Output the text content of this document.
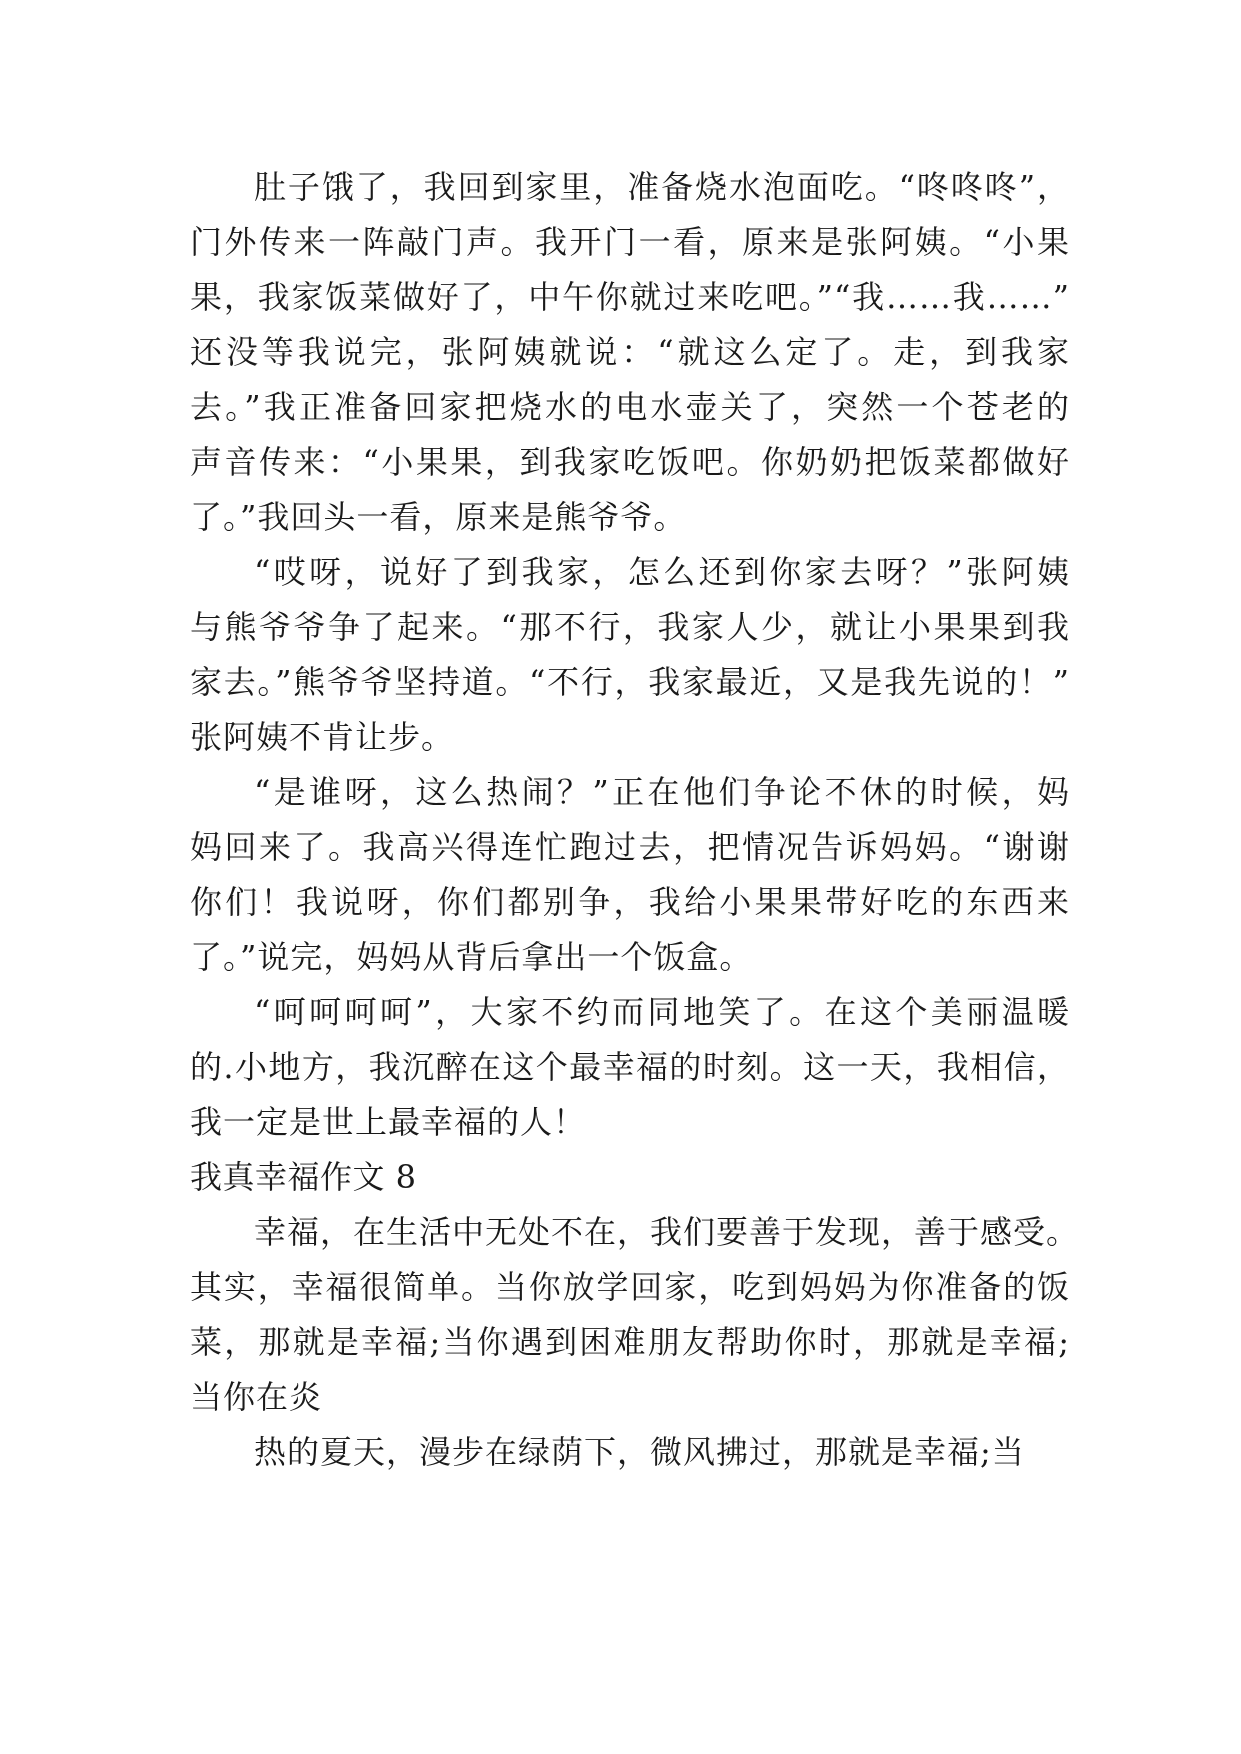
肚子饿了，我回到家里，准备烧水泡面吃。“咚咚咚”，
门外传来一阵敲门声。我开门一看，原来是张阿姨。“小果
果，我家饭菜做好了，中午你就过来吃吧。”“我……我……”
还没等我说完，张阿姨就说：“就这么定了。走，到我家
去。”我正准备回家把烧水的电水壶关了，突然一个苍老的
声音传来：“小果果，到我家吃饭吧。你奶奶把饭菜都做好
了。”我回头一看，原来是熊爷爷。
“哎呀，说好了到我家，怎么还到你家去呀？”张阿姨
与熊爷爷争了起来。“那不行，我家人少，就让小果果到我
家去。”熊爷爷坚持道。“不行，我家最近，又是我先说的！”
张阿姨不肯让步。
“是谁呀，这么热闹？”正在他们争论不休的时候，妈
妈回来了。我高兴得连忙跑过去，把情况告诉妈妈。“谢谢
你们！我说呀，你们都别争，我给小果果带好吃的东西来
了。”说完，妈妈从背后拿出一个饭盒。
“呵呵呵呵”，大家不约而同地笑了。在这个美丽温暖
的.小地方，我沉醉在这个最幸福的时刻。这一天，我相信，
我一定是世上最幸福的人！
我真幸福作文 8
幸福，在生活中无处不在，我们要善于发现，善于感受。
其实，幸福很简单。当你放学回家，吃到妈妈为你准备的饭
菜，那就是幸福;当你遇到困难朋友帮助你时，那就是幸福;
当你在炎
热的夏天，漫步在绿荫下，微风拂过，那就是幸福;当
